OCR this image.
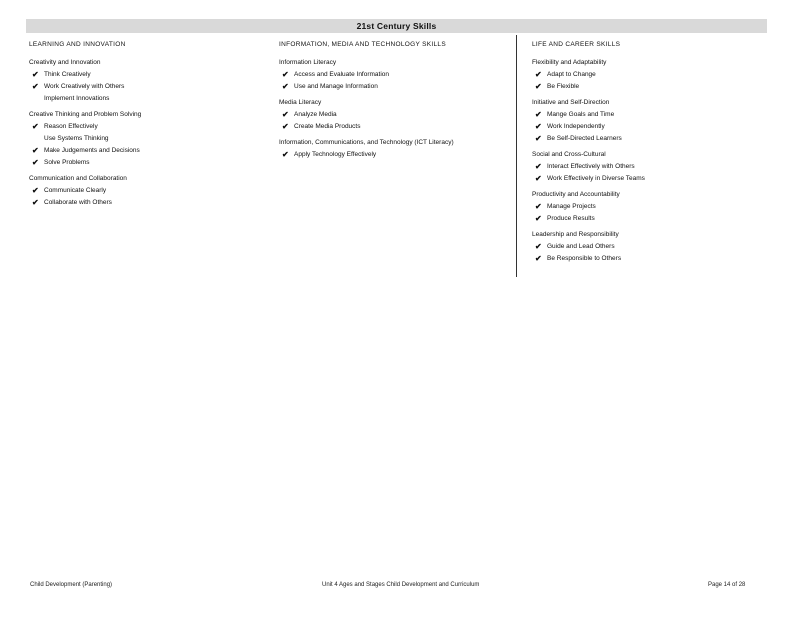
21st Century Skills
LEARNING AND INNOVATION
Creativity and Innovation
✔ Think Creatively
✔ Work Creatively with Others
Implement Innovations
Creative Thinking and Problem Solving
✔ Reason Effectively
Use Systems Thinking
✔ Make Judgements and Decisions
✔ Solve Problems
Communication and Collaboration
✔ Communicate Clearly
✔ Collaborate with Others
INFORMATION, MEDIA AND TECHNOLOGY SKILLS
Information Literacy
✔ Access and Evaluate Information
✔ Use and Manage Information
Media Literacy
✔ Analyze Media
✔ Create Media Products
Information, Communications, and Technology (ICT Literacy)
✔ Apply Technology Effectively
LIFE AND CAREER SKILLS
Flexibility and Adaptability
✔ Adapt to Change
✔ Be Flexible
Initiative and Self-Direction
✔ Mange Goals and Time
✔ Work Independently
✔ Be Self-Directed Learners
Social and Cross-Cultural
✔ Interact Effectively with Others
✔ Work Effectively in Diverse Teams
Productivity and Accountability
✔ Manage Projects
✔ Produce Results
Leadership and Responsibility
✔ Guide and Lead Others
✔ Be Responsible to Others
Child Development (Parenting)	Unit 4 Ages and Stages Child Development and Curriculum	Page 14 of 28
